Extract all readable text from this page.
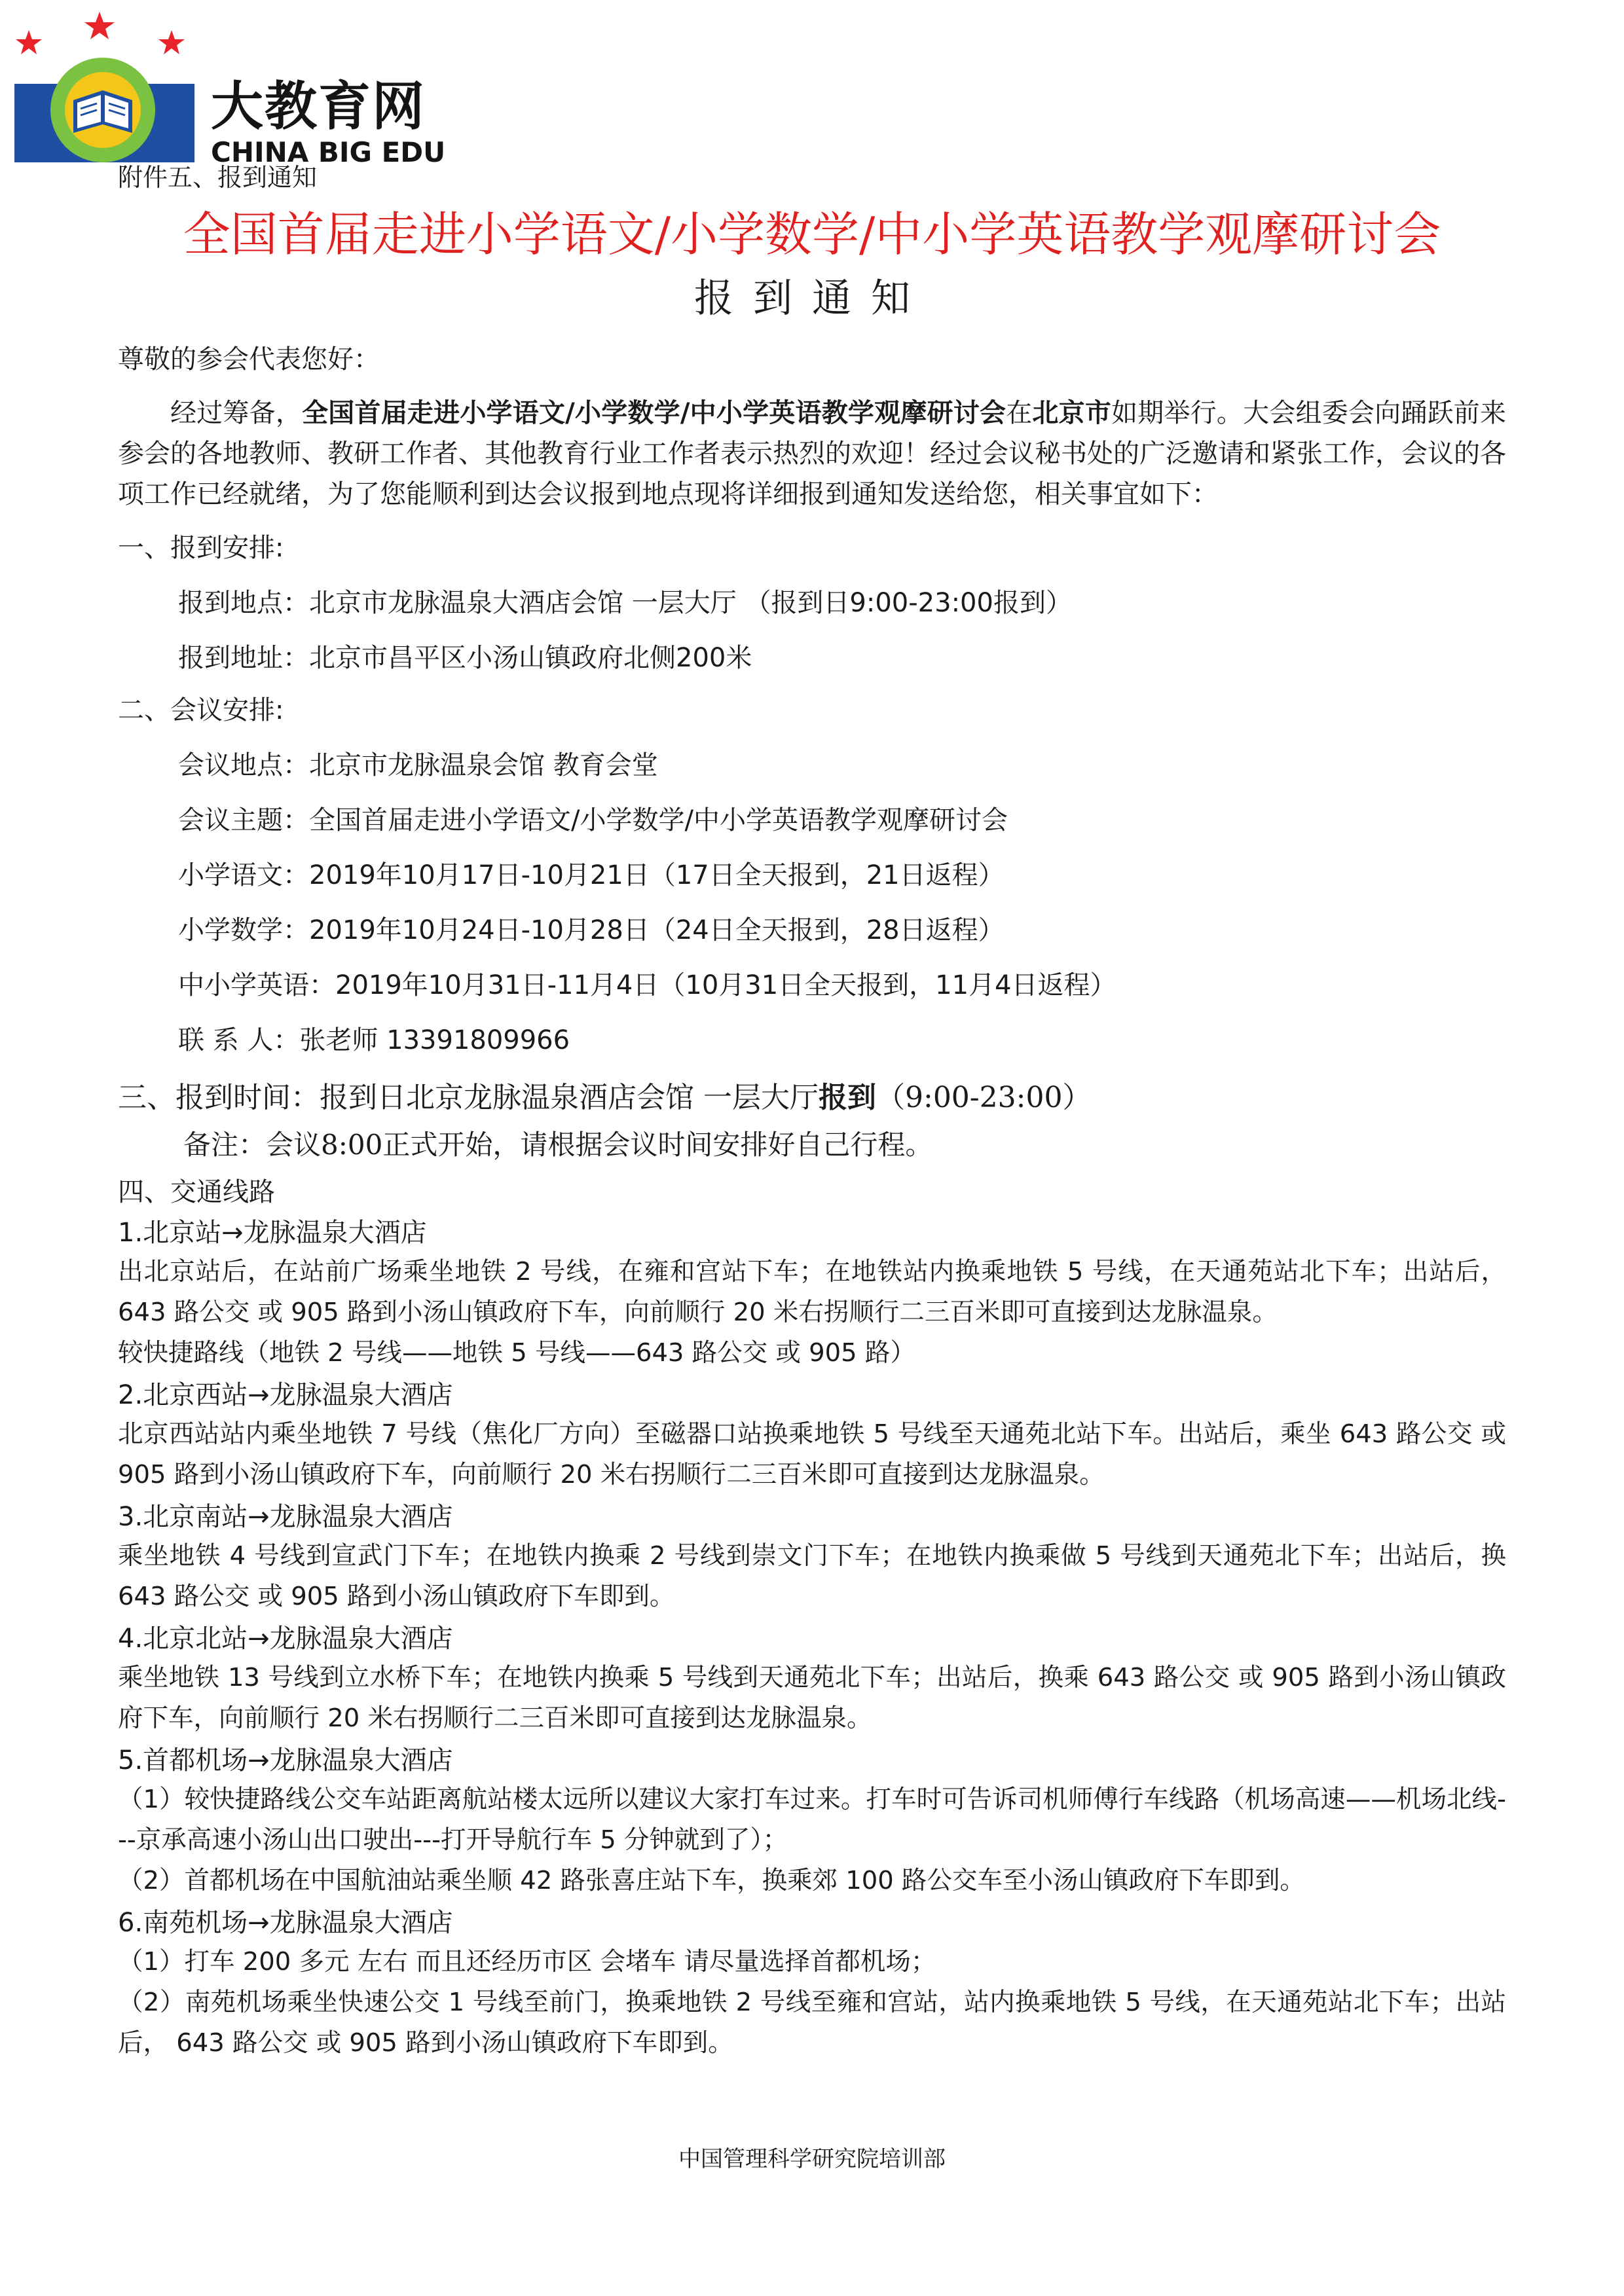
大教育网
CHINA BIG EDU
附件五、报到通知
全国首届走进小学语文/小学数学/中小学英语教学观摩研讨会
报到通知

尊敬的参会代表您好：

经过筹备，全国首届走进小学语文/小学数学/中小学英语教学观摩研讨会在北京市如期举行。大会组委会向踊跃前来参会的各地教师、教研工作者、其他教育行业工作者表示热烈的欢迎！经过会议秘书处的广泛邀请和紧张工作，会议的各项工作已经就绪，为了您能顺利到达会议报到地点现将详细报到通知发送给您，相关事宜如下：

一、报到安排:

报到地点：北京市龙脉温泉大酒店会馆 一层大厅 （报到日9:00-23:00报到）

报到地址：北京市昌平区小汤山镇政府北侧200米

二、会议安排:

会议地点：北京市龙脉温泉会馆 教育会堂

会议主题：全国首届走进小学语文/小学数学/中小学英语教学观摩研讨会

小学语文：2019年10月17日-10月21日（17日全天报到，21日返程）

小学数学：2019年10月24日-10月28日（24日全天报到，28日返程）

中小学英语：2019年10月31日-11月4日（10月31日全天报到，11月4日返程）

联 系 人：张老师 13391809966

三、报到时间：报到日北京龙脉温泉酒店会馆 一层大厅报到（9:00-23:00）

备注：会议8:00正式开始，请根据会议时间安排好自己行程。

四、交通线路

1.北京站→龙脉温泉大酒店

出北京站后，在站前广场乘坐地铁 2 号线，在雍和宫站下车；在地铁站内换乘地铁 5 号线，在天通苑站北下车；出站后，643 路公交 或 905 路到小汤山镇政府下车，向前顺行 20 米右拐顺行二三百米即可直接到达龙脉温泉。

较快捷路线（地铁 2 号线——地铁 5 号线——643 路公交 或 905 路）

2.北京西站→龙脉温泉大酒店

北京西站站内乘坐地铁 7 号线（焦化厂方向）至磁器口站换乘地铁 5 号线至天通苑北站下车。出站后，乘坐 643 路公交 或 905 路到小汤山镇政府下车，向前顺行 20 米右拐顺行二三百米即可直接到达龙脉温泉。

3.北京南站→龙脉温泉大酒店

乘坐地铁 4 号线到宣武门下车；在地铁内换乘 2 号线到崇文门下车；在地铁内换乘做 5 号线到天通苑北下车；出站后，换 643 路公交 或 905 路到小汤山镇政府下车即到。

4.北京北站→龙脉温泉大酒店

乘坐地铁 13 号线到立水桥下车；在地铁内换乘 5 号线到天通苑北下车；出站后，换乘 643 路公交 或 905 路到小汤山镇政府下车，向前顺行 20 米右拐顺行二三百米即可直接到达龙脉温泉。

5.首都机场→龙脉温泉大酒店

（1）较快捷路线公交车站距离航站楼太远所以建议大家打车过来。打车时可告诉司机师傅行车线路（机场高速——机场北线---京承高速小汤山出口驶出---打开导航行车 5 分钟就到了）；

（2）首都机场在中国航油站乘坐顺 42 路张喜庄站下车，换乘郊 100 路公交车至小汤山镇政府下车即到。

6.南苑机场→龙脉温泉大酒店

（1）打车 200 多元 左右 而且还经历市区 会堵车 请尽量选择首都机场；

（2）南苑机场乘坐快速公交 1 号线至前门，换乘地铁 2 号线至雍和宫站，站内换乘地铁 5 号线，在天通苑站北下车；出站后， 643 路公交 或 905 路到小汤山镇政府下车即到。

中国管理科学研究院培训部
